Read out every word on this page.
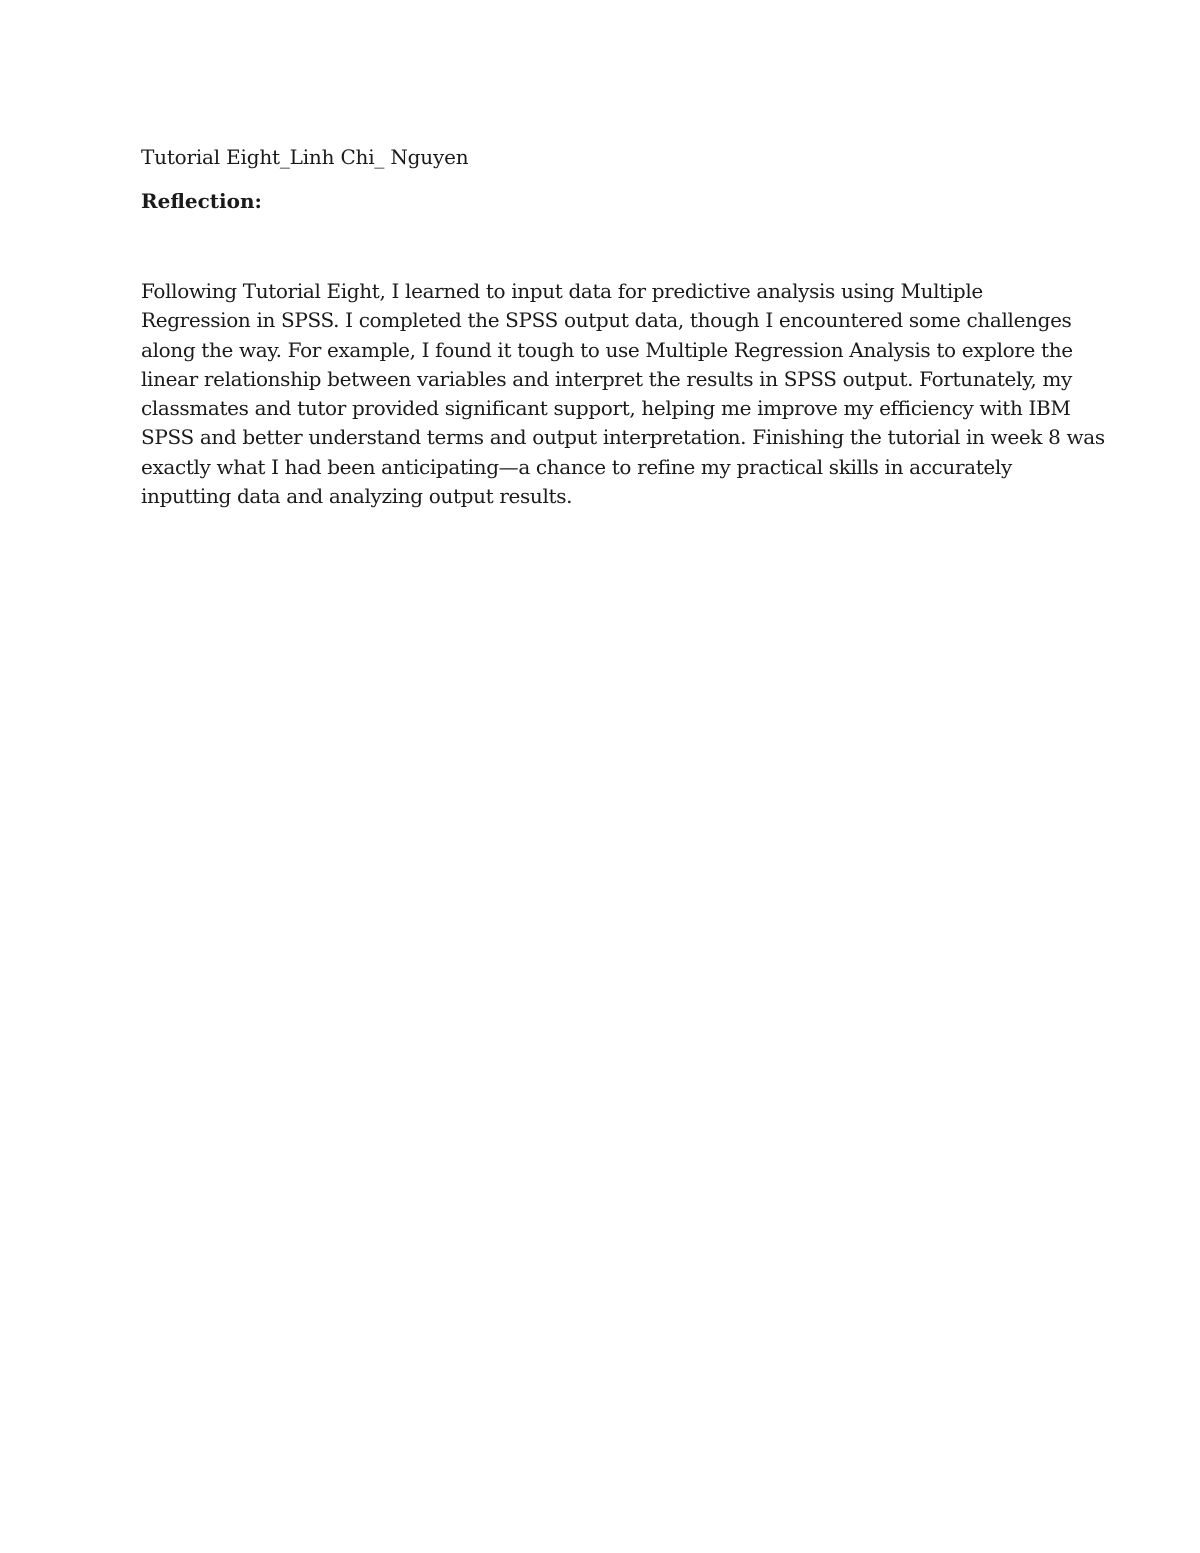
Tutorial Eight_Linh Chi_ Nguyen
Reflection:

Following Tutorial Eight, I learned to input data for predictive analysis using Multiple
Regression in SPSS. I completed the SPSS output data, though I encountered some challenges
along the way. For example, I found it tough to use Multiple Regression Analysis to explore the
linear relationship between variables and interpret the results in SPSS output. Fortunately, my
classmates and tutor provided significant support, helping me improve my efficiency with IBM
SPSS and better understand terms and output interpretation. Finishing the tutorial in week 8 was
exactly what I had been anticipating—a chance to refine my practical skills in accurately
inputting data and analyzing output results.
